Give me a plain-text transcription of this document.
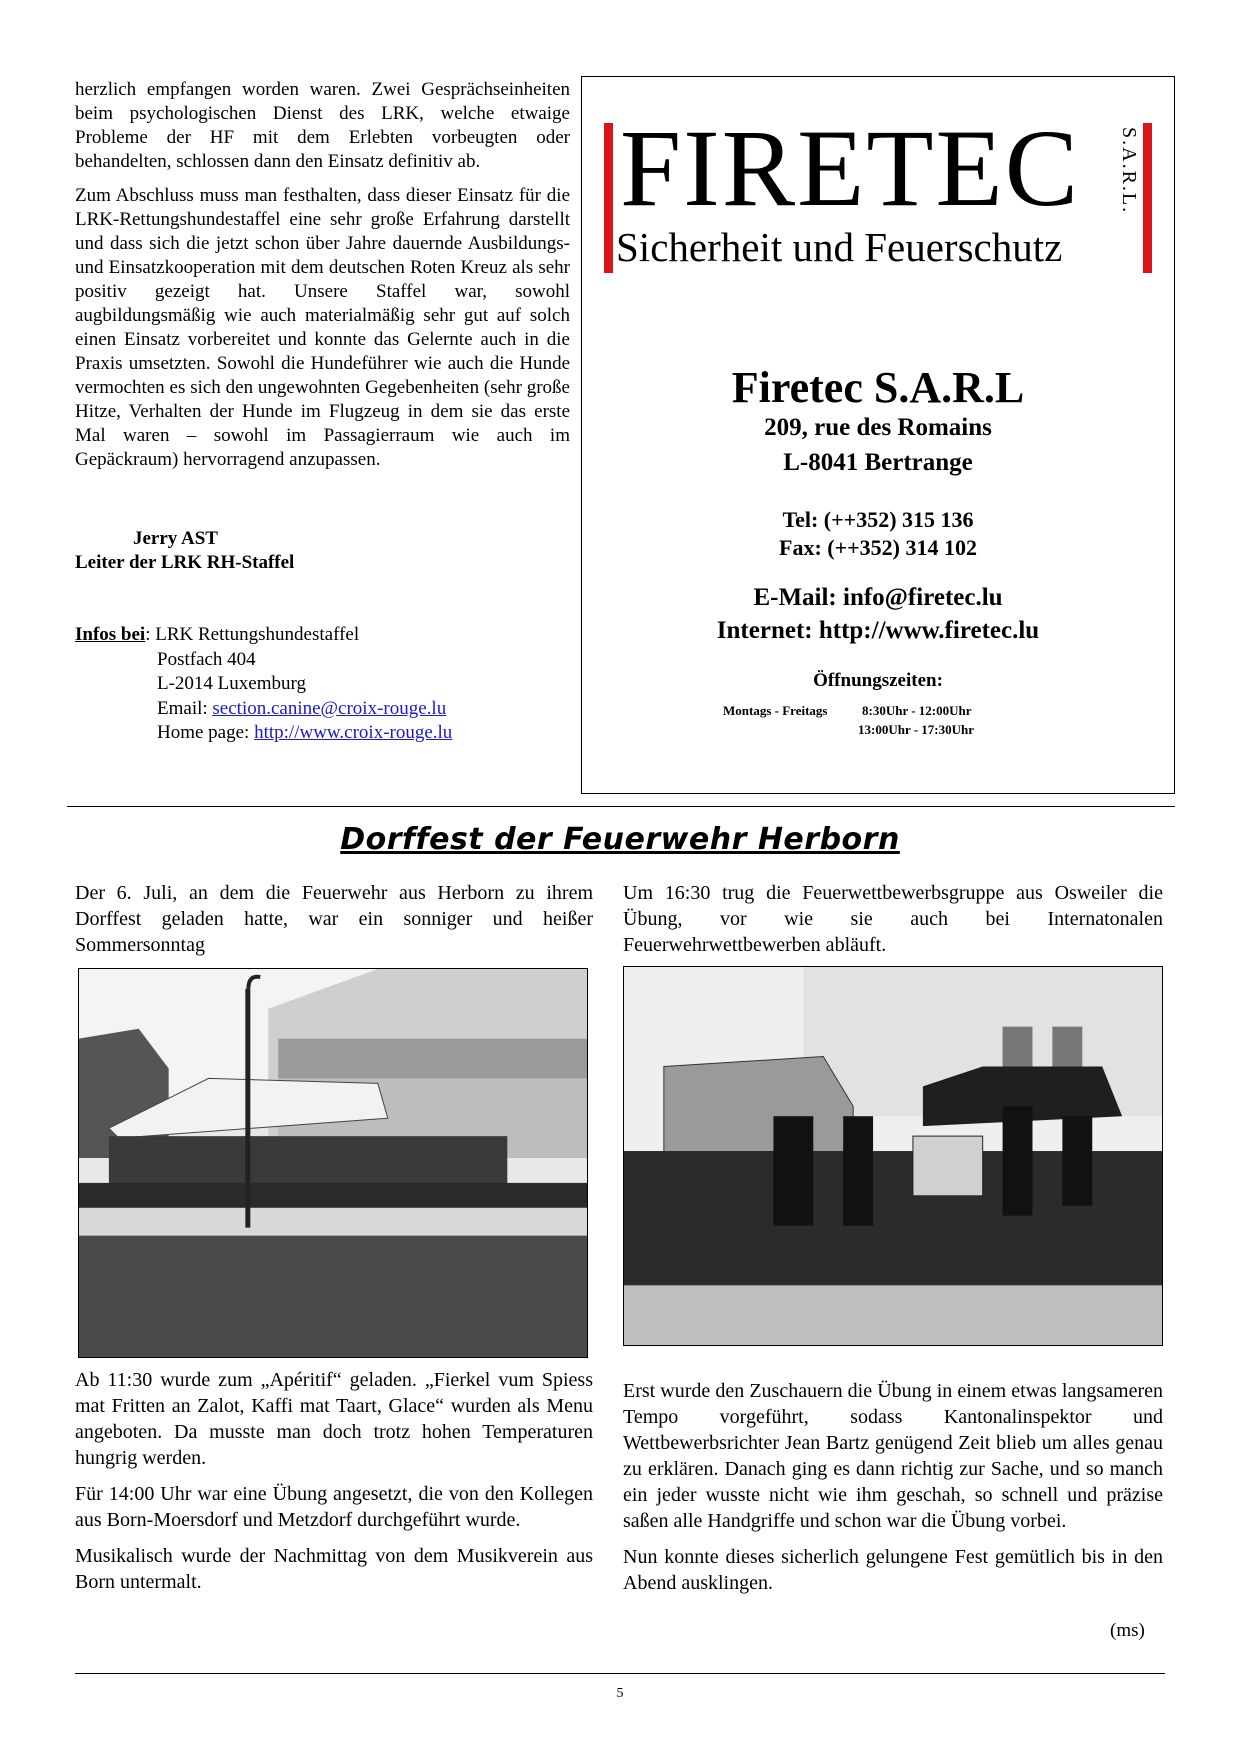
herzlich empfangen worden waren. Zwei Gesprächseinheiten beim psychologischen Dienst des LRK, welche etwaige Probleme der HF mit dem Erlebten vorbeugten oder behandelten, schlossen dann den Einsatz definitiv ab.

Zum Abschluss muss man festhalten, dass dieser Einsatz für die LRK-Rettungshundestaffel eine sehr große Erfahrung darstellt und dass sich die jetzt schon über Jahre dauernde Ausbildungs- und Einsatzkooperation mit dem deutschen Roten Kreuz als sehr positiv gezeigt hat. Unsere Staffel war, sowohl augbildungsmäßig wie auch materialmäßig sehr gut auf solch einen Einsatz vorbereitet und konnte das Gelernte auch in die Praxis umsetzten. Sowohl die Hundeführer wie auch die Hunde vermochten es sich den ungewohnten Gegebenheiten (sehr große Hitze, Verhalten der Hunde im Flugzeug in dem sie das erste Mal waren – sowohl im Passagierraum wie auch im Gepäckraum) hervorragend anzupassen.

Jerry AST
Leiter der LRK RH-Staffel
Infos bei: LRK Rettungshundestaffel
Postfach 404
L-2014 Luxemburg
Email: section.canine@croix-rouge.lu
Home page: http://www.croix-rouge.lu
FIRETEC S.A.R.L.
Sicherheit und Feuerschutz
Firetec S.A.R.L
209, rue des Romains
L-8041 Bertrange
Tel: (++352) 315 136
Fax: (++352) 314 102
E-Mail: info@firetec.lu
Internet: http://www.firetec.lu
Öffnungszeiten:
Montags - Freitags	8:30Uhr - 12:00Uhr
13:00Uhr - 17:30Uhr
Dorffest der Feuerwehr Herborn
Der 6. Juli, an dem die Feuerwehr aus Herborn zu ihrem Dorffest geladen hatte, war ein sonniger und heißer Sommersonntag

Ab 11:30 wurde zum „Apéritif“ geladen. „Fierkel vum Spiess mat Fritten an Zalot, Kaffi mat Taart, Glace“ wurden als Menu angeboten. Da musste man doch trotz hohen Temperaturen hungrig werden.

Für 14:00 Uhr war eine Übung angesetzt, die von den Kollegen aus Born-Moersdorf und Metzdorf durchgeführt wurde.

Musikalisch wurde der Nachmittag von dem Musikverein aus Born untermalt.

Um 16:30 trug die Feuerwettbewerbsgruppe aus Osweiler die Übung, vor wie sie auch bei Internatonalen Feuerwehrwettbewerben abläuft.

Erst wurde den Zuschauern die Übung in einem etwas langsameren Tempo vorgeführt, sodass Kantonalinspektor und Wettbewerbsrichter Jean Bartz genügend Zeit blieb um alles genau zu erklären. Danach ging es dann richtig zur Sache, und so manch ein jeder wusste nicht wie ihm geschah, so schnell und präzise saßen alle Handgriffe und schon war die Übung vorbei.

Nun konnte dieses sicherlich gelungene Fest gemütlich bis in den Abend ausklingen.

(ms)
5
